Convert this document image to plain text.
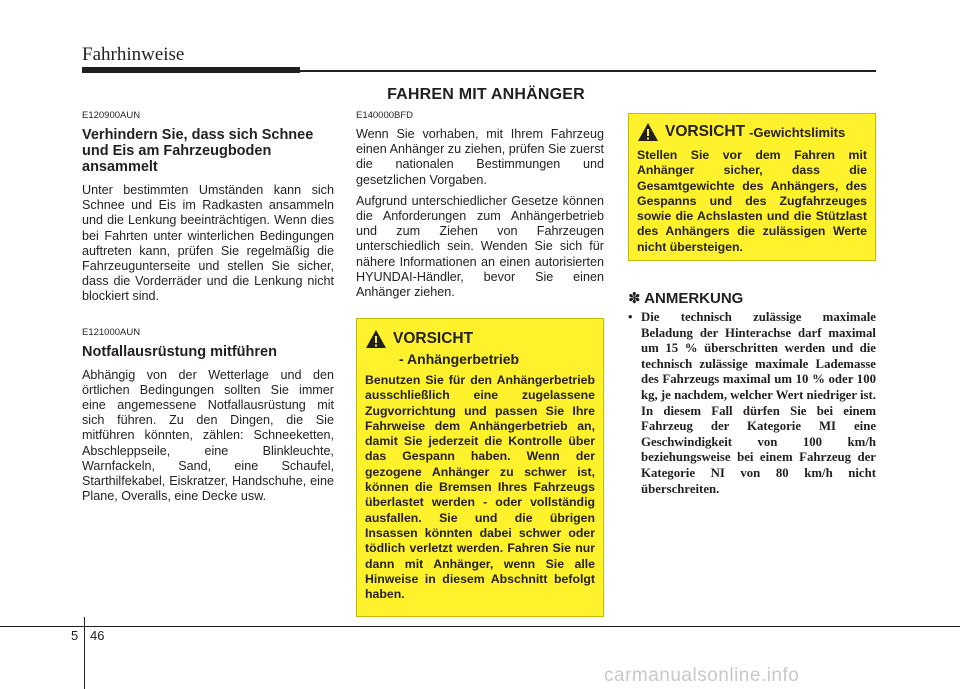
Fahrhinweise
FAHREN MIT ANHÄNGER

E120900AUN

Verhindern Sie, dass sich Schnee und Eis am Fahrzeugboden ansammelt

Unter bestimmten Umständen kann sich Schnee und Eis im Radkasten ansammeln und die Lenkung beeinträchtigen. Wenn dies bei Fahrten unter winterlichen Bedingungen auftreten kann, prüfen Sie regelmäßig die Fahrzeugunterseite und stellen Sie sicher, dass die Vorderräder und die Lenkung nicht blockiert sind.

E121000AUN

Notfallausrüstung mitführen

Abhängig von der Wetterlage und den örtlichen Bedingungen sollten Sie immer eine angemessene Notfallausrüstung mit sich führen. Zu den Dingen, die Sie mitführen könnten, zählen: Schneeketten, Abschleppseile, eine Blinkleuchte, Warnfackeln, Sand, eine Schaufel, Starthilfekabel, Eiskratzer, Handschuhe, eine Plane, Overalls, eine Decke usw.

E140000BFD

Wenn Sie vorhaben, mit Ihrem Fahrzeug einen Anhänger zu ziehen, prüfen Sie zuerst die nationalen Bestimmungen und gesetzlichen Vorgaben.

Aufgrund unterschiedlicher Gesetze können die Anforderungen zum Anhängerbetrieb und zum Ziehen von Fahrzeugen unterschiedlich sein. Wenden Sie sich für nähere Informationen an einen autorisierten HYUNDAI-Händler, bevor Sie einen Anhänger ziehen.

VORSICHT
- Anhängerbetrieb
Benutzen Sie für den Anhängerbetrieb ausschließlich eine zugelassene Zugvorrichtung und passen Sie Ihre Fahrweise dem Anhängerbetrieb an, damit Sie jederzeit die Kontrolle über das Gespann haben. Wenn der gezogene Anhänger zu schwer ist, können die Bremsen Ihres Fahrzeugs überlastet werden - oder vollständig ausfallen. Sie und die übrigen Insassen könnten dabei schwer oder tödlich verletzt werden. Fahren Sie nur dann mit Anhänger, wenn Sie alle Hinweise in diesem Abschnitt befolgt haben.
VORSICHT -Gewichtslimits
Stellen Sie vor dem Fahren mit Anhänger sicher, dass die Gesamtgewichte des Anhängers, des Gespanns und des Zugfahrzeuges sowie die Achslasten und die Stützlast des Anhängers die zulässigen Werte nicht übersteigen.
✽ ANMERKUNG
• Die technisch zulässige maximale Beladung der Hinterachse darf maximal um 15 % überschritten werden und die technisch zulässige maximale Lademasse des Fahrzeugs maximal um 10 % oder 100 kg, je nachdem, welcher Wert niedriger ist. In diesem Fall dürfen Sie bei einem Fahrzeug der Kategorie MI eine Geschwindigkeit von 100 km/h beziehungsweise bei einem Fahrzeug der Kategorie NI von 80 km/h nicht überschreiten.
5 46
carmanualsonline.info
